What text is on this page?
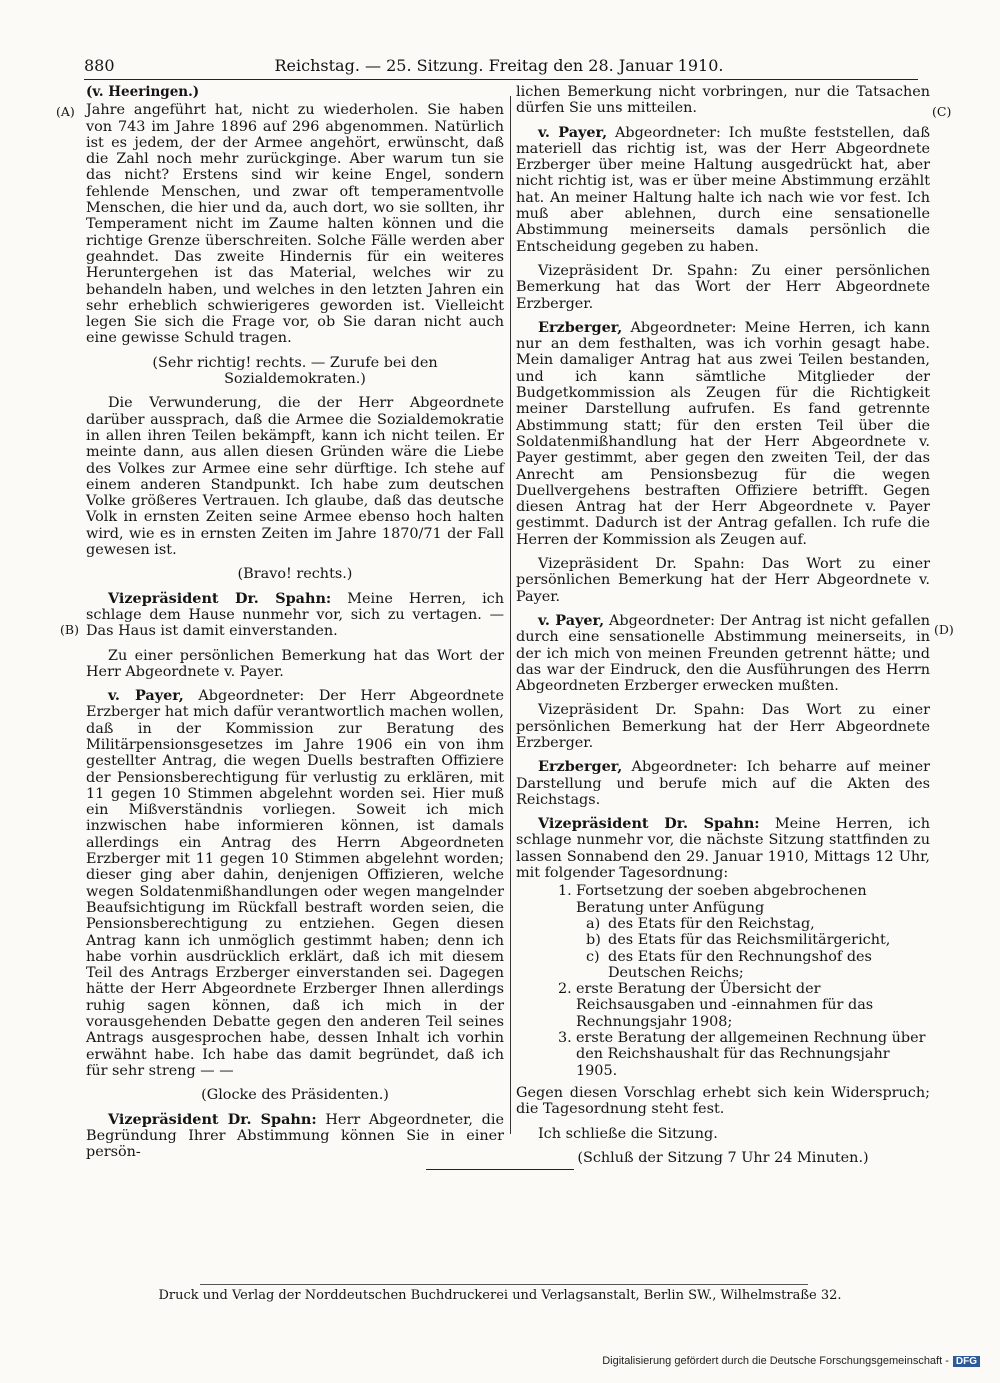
880	Reichstag. — 25. Sitzung. Freitag den 28. Januar 1910.
(A)
(B)
(C)
(D)

(v. Heeringen.)

Jahre angeführt hat, nicht zu wiederholen. Sie haben von 743 im Jahre 1896 auf 296 abgenommen. Natürlich ist es jedem, der der Armee angehört, erwünscht, daß die Zahl noch mehr zurückginge. Aber warum tun sie das nicht? Erstens sind wir keine Engel, sondern fehlende Menschen, und zwar oft temperamentvolle Menschen, die hier und da, auch dort, wo sie sollten, ihr Temperament nicht im Zaume halten können und die richtige Grenze überschreiten. Solche Fälle werden aber geahndet. Das zweite Hindernis für ein weiteres Heruntergehen ist das Material, welches wir zu behandeln haben, und welches in den letzten Jahren ein sehr erheblich schwierigeres geworden ist. Vielleicht legen Sie sich die Frage vor, ob Sie daran nicht auch eine gewisse Schuld tragen.

(Sehr richtig! rechts. — Zurufe bei den Sozialdemokraten.)

Die Verwunderung, die der Herr Abgeordnete darüber aussprach, daß die Armee die Sozialdemokratie in allen ihren Teilen bekämpft, kann ich nicht teilen. Er meinte dann, aus allen diesen Gründen wäre die Liebe des Volkes zur Armee eine sehr dürftige. Ich stehe auf einem anderen Standpunkt. Ich habe zum deutschen Volke größeres Vertrauen. Ich glaube, daß das deutsche Volk in ernsten Zeiten seine Armee ebenso hoch halten wird, wie es in ernsten Zeiten im Jahre 1870/71 der Fall gewesen ist.

(Bravo! rechts.)

Vizepräsident Dr. Spahn: Meine Herren, ich schlage dem Hause nunmehr vor, sich zu vertagen. — Das Haus ist damit einverstanden.

Zu einer persönlichen Bemerkung hat das Wort der Herr Abgeordnete v. Payer.

v. Payer, Abgeordneter: Der Herr Abgeordnete Erzberger hat mich dafür verantwortlich machen wollen, daß in der Kommission zur Beratung des Militärpensionsgesetzes im Jahre 1906 ein von ihm gestellter Antrag, die wegen Duells bestraften Offiziere der Pensionsberechtigung für verlustig zu erklären, mit 11 gegen 10 Stimmen abgelehnt worden sei. Hier muß ein Mißverständnis vorliegen. Soweit ich mich inzwischen habe informieren können, ist damals allerdings ein Antrag des Herrn Abgeordneten Erzberger mit 11 gegen 10 Stimmen abgelehnt worden; dieser ging aber dahin, denjenigen Offizieren, welche wegen Soldatenmißhandlungen oder wegen mangelnder Beaufsichtigung im Rückfall bestraft worden seien, die Pensionsberechtigung zu entziehen. Gegen diesen Antrag kann ich unmöglich gestimmt haben; denn ich habe vorhin ausdrücklich erklärt, daß ich mit diesem Teil des Antrags Erzberger einverstanden sei. Dagegen hätte der Herr Abgeordnete Erzberger Ihnen allerdings ruhig sagen können, daß ich mich in der vorausgehenden Debatte gegen den anderen Teil seines Antrags ausgesprochen habe, dessen Inhalt ich vorhin erwähnt habe. Ich habe das damit begründet, daß ich für sehr streng — —

(Glocke des Präsidenten.)

Vizepräsident Dr. Spahn: Herr Abgeordneter, die Begründung Ihrer Abstimmung können Sie in einer persön-

lichen Bemerkung nicht vorbringen, nur die Tatsachen dürfen Sie uns mitteilen.

v. Payer, Abgeordneter: Ich mußte feststellen, daß materiell das richtig ist, was der Herr Abgeordnete Erzberger über meine Haltung ausgedrückt hat, aber nicht richtig ist, was er über meine Abstimmung erzählt hat. An meiner Haltung halte ich nach wie vor fest. Ich muß aber ablehnen, durch eine sensationelle Abstimmung meinerseits damals persönlich die Entscheidung gegeben zu haben.

Vizepräsident Dr. Spahn: Zu einer persönlichen Bemerkung hat das Wort der Herr Abgeordnete Erzberger.

Erzberger, Abgeordneter: Meine Herren, ich kann nur an dem festhalten, was ich vorhin gesagt habe. Mein damaliger Antrag hat aus zwei Teilen bestanden, und ich kann sämtliche Mitglieder der Budgetkommission als Zeugen für die Richtigkeit meiner Darstellung aufrufen. Es fand getrennte Abstimmung statt; für den ersten Teil über die Soldatenmißhandlung hat der Herr Abgeordnete v. Payer gestimmt, aber gegen den zweiten Teil, der das Anrecht am Pensionsbezug für die wegen Duellvergehens bestraften Offiziere betrifft. Gegen diesen Antrag hat der Herr Abgeordnete v. Payer gestimmt. Dadurch ist der Antrag gefallen. Ich rufe die Herren der Kommission als Zeugen auf.

Vizepräsident Dr. Spahn: Das Wort zu einer persönlichen Bemerkung hat der Herr Abgeordnete v. Payer.

v. Payer, Abgeordneter: Der Antrag ist nicht gefallen durch eine sensationelle Abstimmung meinerseits, in der ich mich von meinen Freunden getrennt hätte; und das war der Eindruck, den die Ausführungen des Herrn Abgeordneten Erzberger erwecken mußten.

Vizepräsident Dr. Spahn: Das Wort zu einer persönlichen Bemerkung hat der Herr Abgeordnete Erzberger.

Erzberger, Abgeordneter: Ich beharre auf meiner Darstellung und berufe mich auf die Akten des Reichstags.

Vizepräsident Dr. Spahn: Meine Herren, ich schlage nunmehr vor, die nächste Sitzung stattfinden zu lassen Sonnabend den 29. Januar 1910, Mittags 12 Uhr, mit folgender Tagesordnung:

1. Fortsetzung der soeben abgebrochenen Beratung unter Anfügung
a) des Etats für den Reichstag,
b) des Etats für das Reichsmilitärgericht,
c) des Etats für den Rechnungshof des Deutschen Reichs;
2. erste Beratung der Übersicht der Reichsausgaben und -einnahmen für das Rechnungsjahr 1908;
3. erste Beratung der allgemeinen Rechnung über den Reichshaushalt für das Rechnungsjahr 1905.

Gegen diesen Vorschlag erhebt sich kein Widerspruch; die Tagesordnung steht fest.

Ich schließe die Sitzung.

(Schluß der Sitzung 7 Uhr 24 Minuten.)

Druck und Verlag der Norddeutschen Buchdruckerei und Verlagsanstalt, Berlin SW., Wilhelmstraße 32.
Digitalisierung gefördert durch die Deutsche Forschungsgemeinschaft - DFG
